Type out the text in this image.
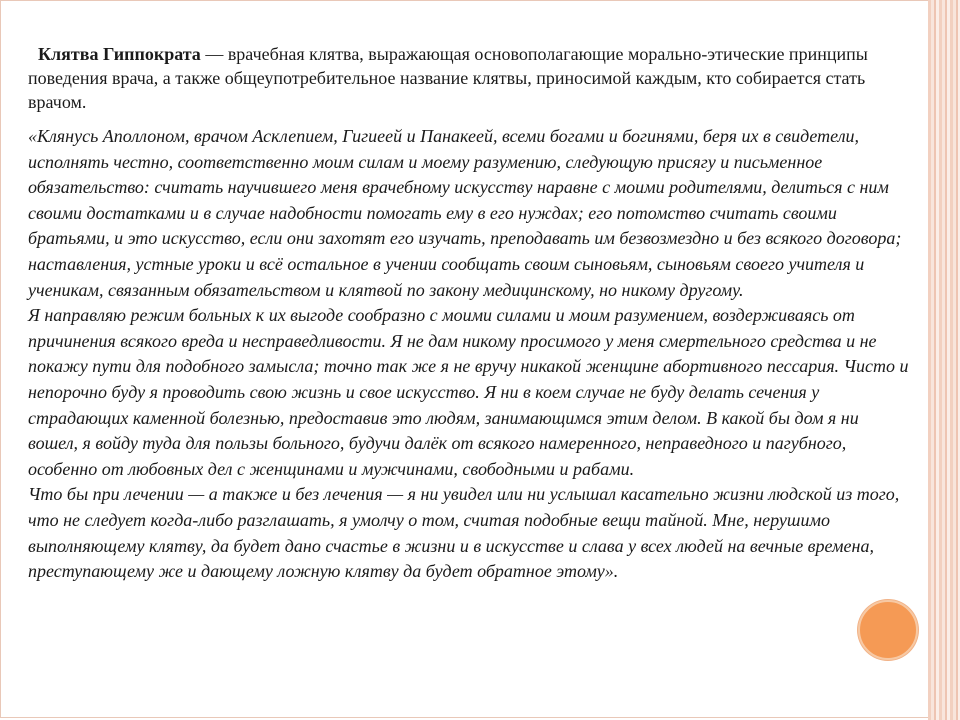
Клятва Гиппократа — врачебная клятва, выражающая основополагающие морально-этические принципы поведения врача, а также общеупотребительное название клятвы, приносимой каждым, кто собирается стать врачом.

«Клянусь Аполлоном, врачом Асклепием, Гигиеей и Панакеей, всеми богами и богинями, беря их в свидетели, исполнять честно, соответственно моим силам и моему разумению, следующую присягу и письменное обязательство: считать научившего меня врачебному искусству наравне с моими родителями, делиться с ним своими достатками и в случае надобности помогать ему в его нуждах; его потомство считать своими братьями, и это искусство, если они захотят его изучать, преподавать им безвозмездно и без всякого договора; наставления, устные уроки и всё остальное в учении сообщать своим сыновьям, сыновьям своего учителя и ученикам, связанным обязательством и клятвой по закону медицинскому, но никому другому.
Я направляю режим больных к их выгоде сообразно с моими силами и моим разумением, воздерживаясь от причинения всякого вреда и несправедливости. Я не дам никому просимого у меня смертельного средства и не покажу пути для подобного замысла; точно так же я не вручу никакой женщине абортивного пессария. Чисто и непорочно буду я проводить свою жизнь и свое искусство. Я ни в коем случае не буду делать сечения у страдающих каменной болезнью, предоставив это людям, занимающимся этим делом. В какой бы дом я ни вошел, я войду туда для пользы больного, будучи далёк от всякого намеренного, неправедного и пагубного, особенно от любовных дел с женщинами и мужчинами, свободными и рабами.
Что бы при лечении — а также и без лечения — я ни увидел или ни услышал касательно жизни людской из того, что не следует когда-либо разглашать, я умолчу о том, считая подобные вещи тайной. Мне, нерушимо выполняющему клятву, да будет дано счастье в жизни и в искусстве и слава у всех людей на вечные времена, преступающему же и дающему ложную клятву да будет обратное этому».
